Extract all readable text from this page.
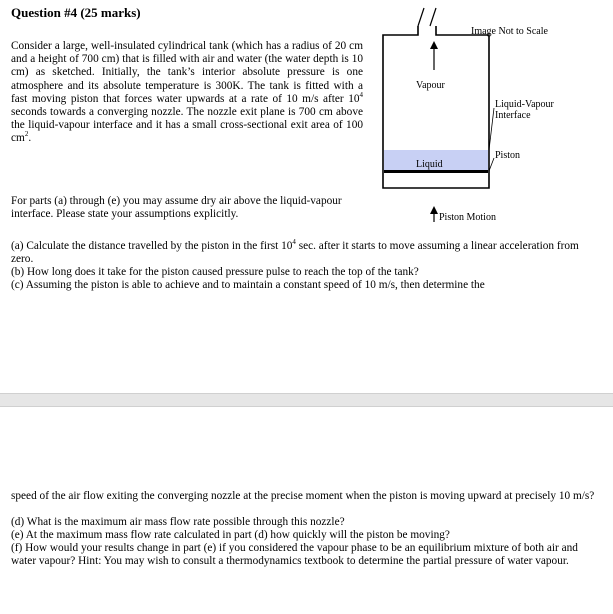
Question #4 (25 marks)
Consider a large, well-insulated cylindrical tank (which has a radius of 20 cm and a height of 700 cm) that is filled with air and water (the water depth is 10 cm) as sketched. Initially, the tank’s interior absolute pressure is one atmosphere and its absolute temperature is 300K. The tank is fitted with a fast moving piston that forces water upwards at a rate of 10 m/s after $10^4$ seconds towards a converging nozzle. The nozzle exit plane is 700 cm above the liquid-vapour interface and it has a small cross-sectional exit area of 100 $cm^2$.
For parts (a) through (e) you may assume dry air above the liquid-vapour interface. Please state your assumptions explicitly.
Image Not to Scale
Vapour
Liquid
Liquid-Vapour
Interface
Piston
Piston Motion
(a) Calculate the distance travelled by the piston in the first $10^4$ sec. after it starts to move assuming a linear acceleration from zero.
(b) How long does it take for the piston caused pressure pulse to reach the top of the tank?
(c) Assuming the piston is able to achieve and to maintain a constant speed of 10 m/s, then determine the
speed of the air flow exiting the converging nozzle at the precise moment when the piston is moving upward at precisely 10 m/s?
(d) What is the maximum air mass flow rate possible through this nozzle?
(e) At the maximum mass flow rate calculated in part (d) how quickly will the piston be moving?
(f) How would your results change in part (e) if you considered the vapour phase to be an equilibrium mixture of both air and water vapour? Hint: You may wish to consult a thermodynamics textbook to determine the partial pressure of water vapour.
